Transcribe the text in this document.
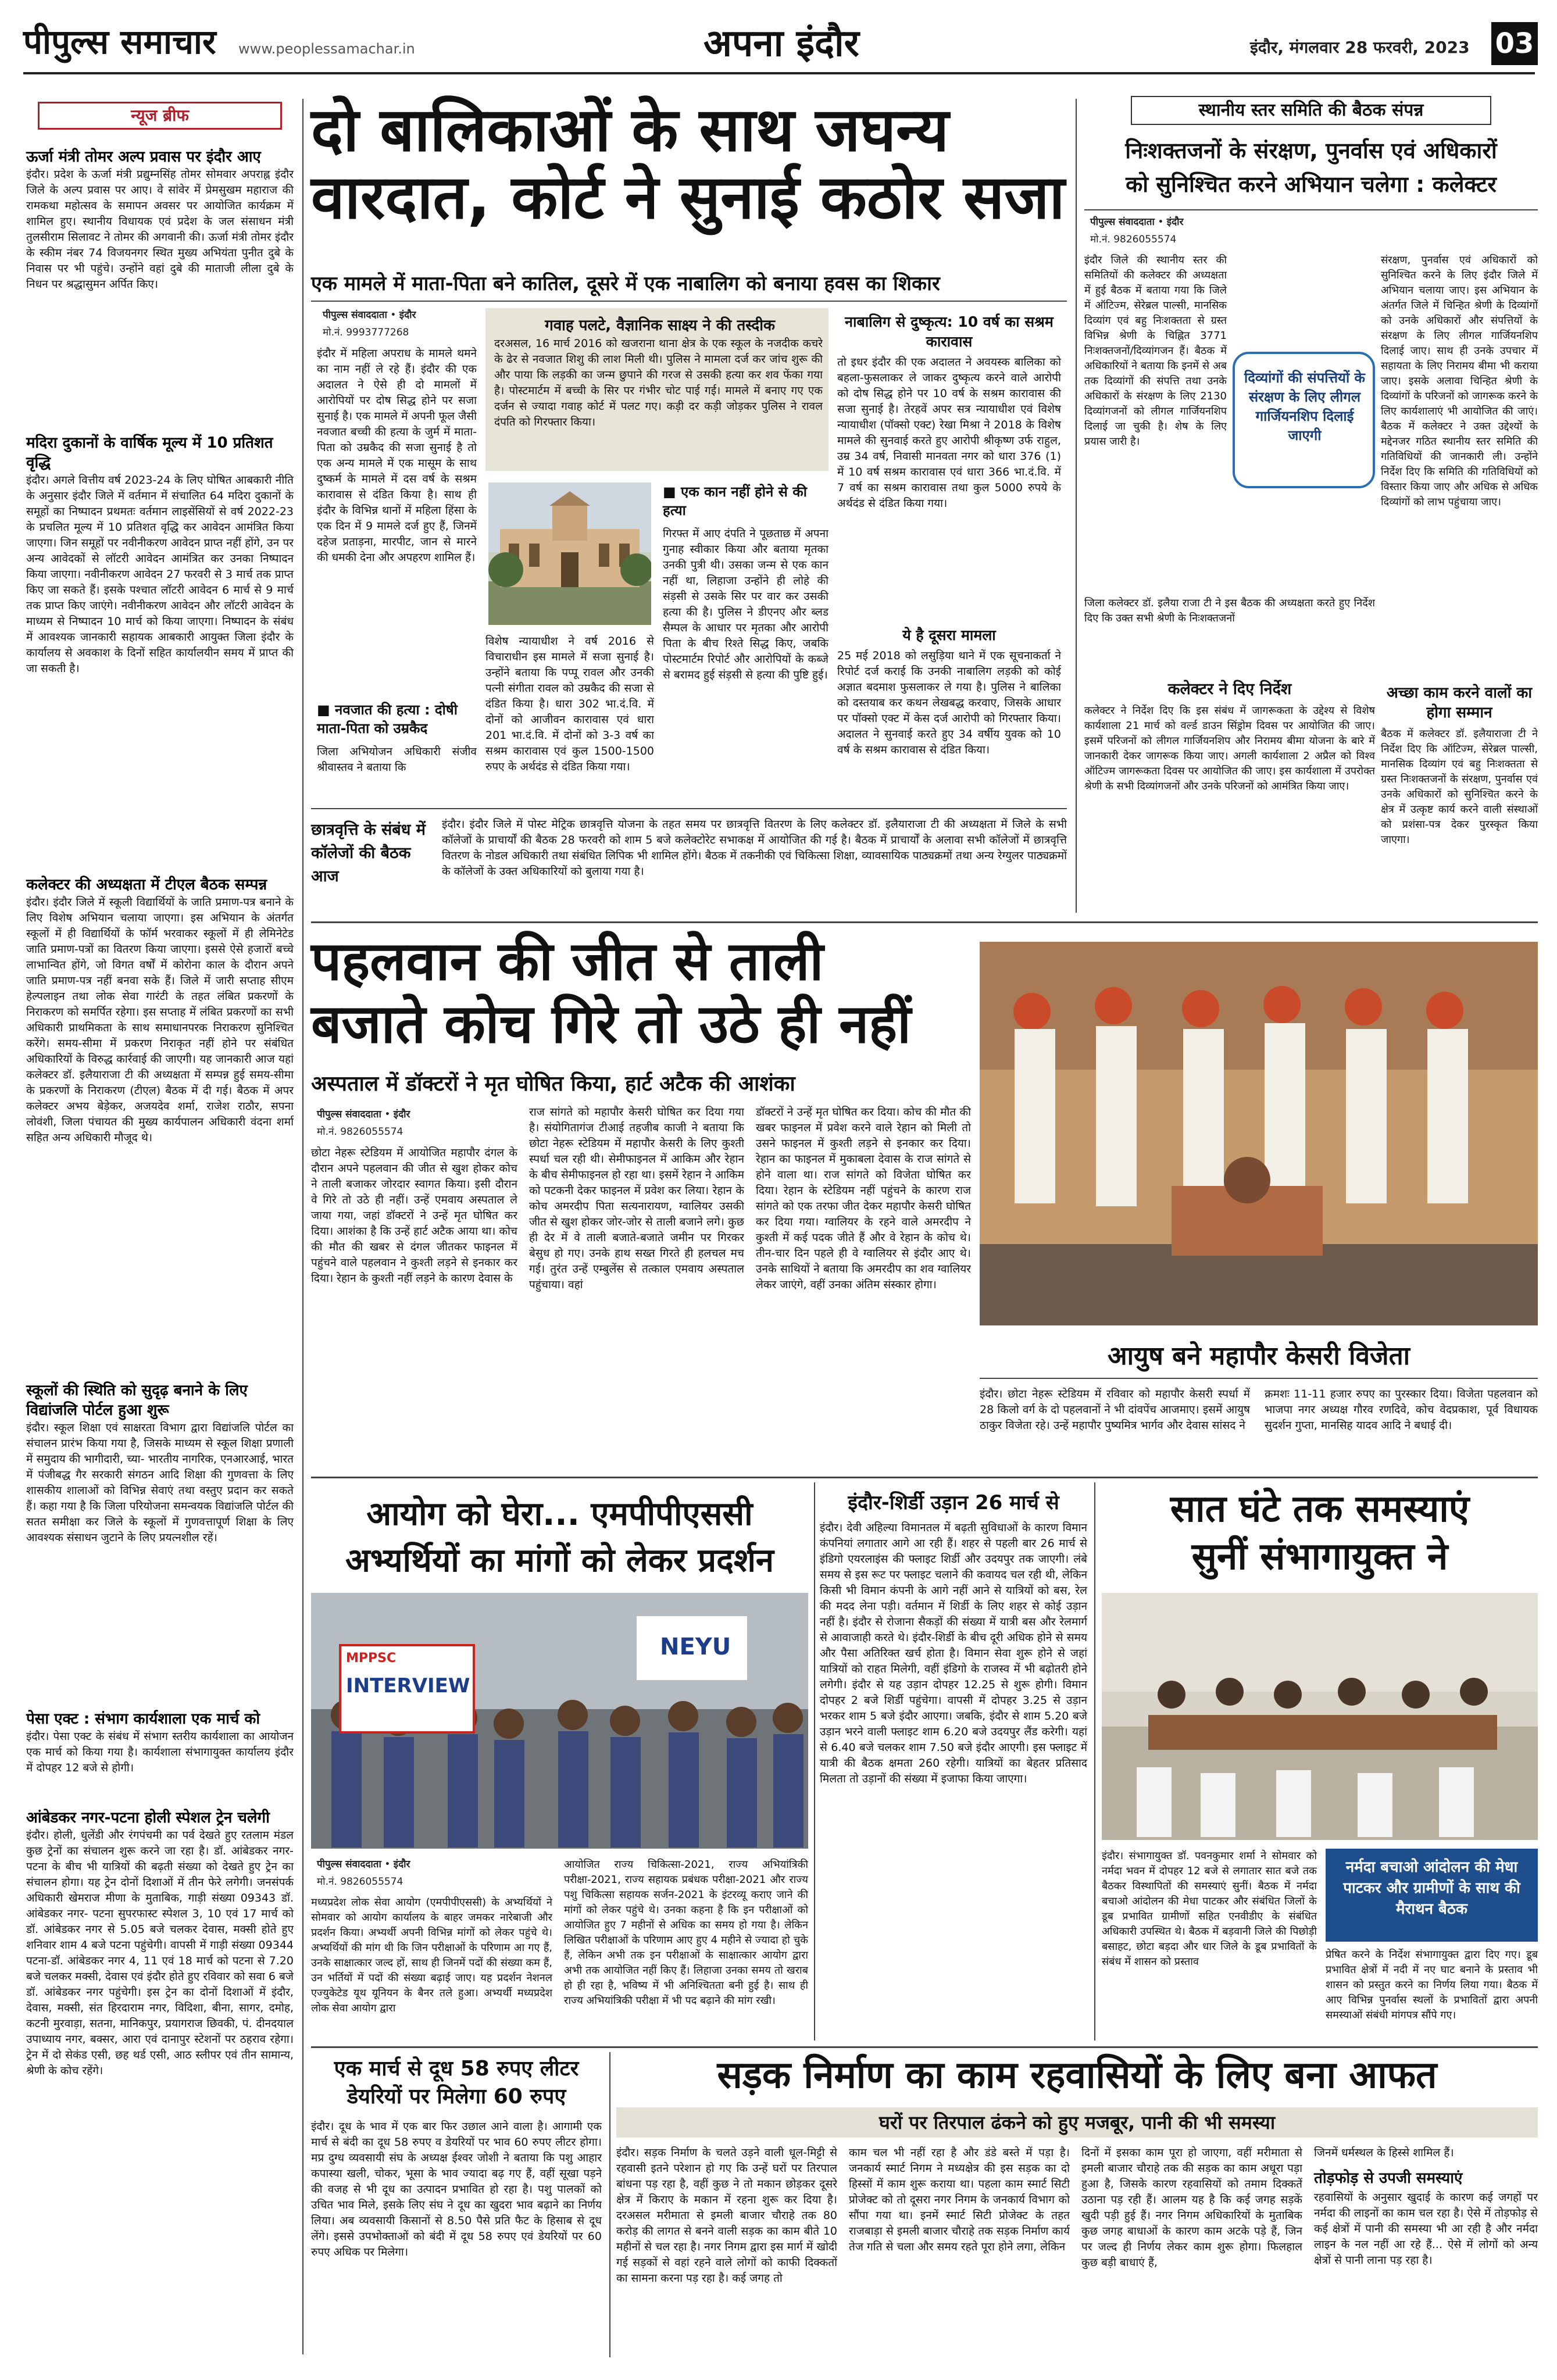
पीपुल्स समाचार www.peoplessamachar.in	अपना इंदौर	इंदौर, मंगलवार 28 फरवरी, 2023 03
न्यूज ब्रीफ
ऊर्जा मंत्री तोमर अल्प प्रवास पर इंदौर आए
इंदौर। प्रदेश के ऊर्जा मंत्री प्रद्युम्नसिंह तोमर सोमवार अपराह्न इंदौर जिले के अल्प प्रवास पर आए। वे सांवेर में प्रेमसुखम महाराज की रामकथा महोत्सव के समापन अवसर पर आयोजित कार्यक्रम में शामिल हुए। स्थानीय विधायक एवं प्रदेश के जल संसाधन मंत्री तुलसीराम सिलावट ने तोमर की अगवानी की। ऊर्जा मंत्री तोमर इंदौर के स्कीम नंबर 74 विजयनगर स्थित मुख्य अभियंता पुनीत दुबे के निवास पर भी पहुंचे। उन्होंने वहां दुबे की माताजी लीला दुबे के निधन पर श्रद्धासुमन अर्पित किए।
मदिरा दुकानों के वार्षिक मूल्य में 10 प्रतिशत वृद्धि
इंदौर। अगले वित्तीय वर्ष 2023-24 के लिए घोषित आबकारी नीति के अनुसार इंदौर जिले में वर्तमान में संचालित 64 मदिरा दुकानों के समूहों का निष्पादन प्रथमतः वर्तमान लाइसेंसियों से वर्ष 2022-23 के प्रचलित मूल्य में 10 प्रतिशत वृद्धि कर आवेदन आमंत्रित किया जाएगा। जिन समूहों पर नवीनीकरण आवेदन प्राप्त नहीं होंगे, उन पर अन्य आवेदकों से लॉटरी आवेदन आमंत्रित कर उनका निष्पादन किया जाएगा। नवीनीकरण आवेदन 27 फरवरी से 3 मार्च तक प्राप्त किए जा सकते हैं। इसके पश्चात लॉटरी आवेदन 6 मार्च से 9 मार्च तक प्राप्त किए जाएंगे। नवीनीकरण आवेदन और लॉटरी आवेदन के माध्यम से निष्पादन 10 मार्च को किया जाएगा। निष्पादन के संबंध में आवश्यक जानकारी सहायक आबकारी आयुक्त जिला इंदौर के कार्यालय से अवकाश के दिनों सहित कार्यालयीन समय में प्राप्त की जा सकती है।
कलेक्टर की अध्यक्षता में टीएल बैठक सम्पन्न
इंदौर। इंदौर जिले में स्कूली विद्यार्थियों के जाति प्रमाण-पत्र बनाने के लिए विशेष अभियान चलाया जाएगा। इस अभियान के अंतर्गत स्कूलों में ही विद्यार्थियों के फॉर्म भरवाकर स्कूलों में ही लेमिनेटेड जाति प्रमाण-पत्रों का वितरण किया जाएगा। इससे ऐसे हजारों बच्चे लाभान्वित होंगे, जो विगत वर्षों में कोरोना काल के दौरान अपने जाति प्रमाण-पत्र नहीं बनवा सके हैं। जिले में जारी सप्ताह सीएम हेल्पलाइन तथा लोक सेवा गारंटी के तहत लंबित प्रकरणों के निराकरण को समर्पित रहेगा। इस सप्ताह में लंबित प्रकरणों का सभी अधिकारी प्राथमिकता के साथ समाधानपरक निराकरण सुनिश्चित करेंगे। समय-सीमा में प्रकरण निराकृत नहीं होने पर संबंधित अधिकारियों के विरुद्ध कार्रवाई की जाएगी। यह जानकारी आज यहां कलेक्टर डॉ. इलैयाराजा टी की अध्यक्षता में सम्पन्न हुई समय-सीमा के प्रकरणों के निराकरण (टीएल) बैठक में दी गई। बैठक में अपर कलेक्टर अभय बेड़ेकर, अजयदेव शर्मा, राजेश राठौर, सपना लोवंशी, जिला पंचायत की मुख्य कार्यपालन अधिकारी वंदना शर्मा सहित अन्य अधिकारी मौजूद थे।
स्कूलों की स्थिति को सुदृढ़ बनाने के लिए विद्यांजलि पोर्टल हुआ शुरू
इंदौर। स्कूल शिक्षा एवं साक्षरता विभाग द्वारा विद्यांजलि पोर्टल का संचालन प्रारंभ किया गया है, जिसके माध्यम से स्कूल शिक्षा प्रणाली में समुदाय की भागीदारी, च्या- भारतीय नागरिक, एनआरआई, भारत में पंजीबद्ध गैर सरकारी संगठन आदि शिक्षा की गुणवत्ता के लिए शासकीय शालाओं को विभिन्न सेवाएं तथा वस्तुए प्रदान कर सकते हैं। कहा गया है कि जिला परियोजना समन्वयक विद्यांजलि पोर्टल की सतत समीक्षा कर जिले के स्कूलों में गुणवत्तापूर्ण शिक्षा के लिए आवश्यक संसाधन जुटाने के लिए प्रयत्नशील रहें।
पेसा एक्ट : संभाग कार्यशाला एक मार्च को
इंदौर। पेसा एक्ट के संबंध में संभाग स्तरीय कार्यशाला का आयोजन एक मार्च को किया गया है। कार्यशाला संभागायुक्त कार्यालय इंदौर में दोपहर 12 बजे से होगी।
आंबेडकर नगर-पटना होली स्पेशल ट्रेन चलेगी
इंदौर। होली, धुलेंडी और रंगपंचमी का पर्व देखते हुए रतलाम मंडल कुछ ट्रेनों का संचालन शुरू करने जा रहा है। डॉ. आंबेडकर नगर-पटना के बीच भी यात्रियों की बढ़ती संख्या को देखते हुए ट्रेन का संचालन होगा। यह ट्रेन दोनों दिशाओं में तीन फेरे लगेगी। जनसंपर्क अधिकारी खेमराज मीणा के मुताबिक, गाड़ी संख्या 09343 डॉ. आंबेडकर नगर- पटना सुपरफास्ट स्पेशल 3, 10 एवं 17 मार्च को डॉ. आंबेडकर नगर से 5.05 बजे चलकर देवास, मक्सी होते हुए शनिवार शाम 4 बजे पटना पहुंचेगी। वापसी में गाड़ी संख्या 09344 पटना-डॉ. आंबेडकर नगर 4, 11 एवं 18 मार्च को पटना से 7.20 बजे चलकर मक्सी, देवास एवं इंदौर होते हुए रविवार को सवा 6 बजे डॉ. आंबेडकर नगर पहुंचेगी। इस ट्रेन का दोनों दिशाओं में इंदौर, देवास, मक्सी, संत हिरदाराम नगर, विदिशा, बीना, सागर, दमोह, कटनी मुरवाड़ा, सतना, मानिकपुर, प्रयागराज छिवकी, पं. दीनदयाल उपाध्याय नगर, बक्सर, आरा एवं दानापुर स्टेशनों पर ठहराव रहेगा। ट्रेन में दो सेकंड एसी, छह थर्ड एसी, आठ स्लीपर एवं तीन सामान्य, श्रेणी के कोच रहेंगे।
दो बालिकाओं के साथ जघन्य
वारदात, कोर्ट ने सुनाई कठोर सजा
एक मामले में माता-पिता बने कातिल, दूसरे में एक नाबालिग को बनाया हवस का शिकार
पीपुल्स संवाददाता • इंदौर
मो.नं. 9993777268
इंदौर में महिला अपराध के मामले थमने का नाम नहीं ले रहे हैं। इंदौर की एक अदालत ने ऐसे ही दो मामलों में आरोपियों पर दोष सिद्ध होने पर सजा सुनाई है। एक मामले में अपनी फूल जैसी नवजात बच्ची की हत्या के जुर्म में माता-पिता को उम्रकैद की सजा सुनाई है तो एक अन्य मामले में एक मासूम के साथ दुष्कर्म के मामले में दस वर्ष के सश्रम कारावास से दंडित किया है। साथ ही इंदौर के विभिन्न थानों में महिला हिंसा के एक दिन में 9 मामले दर्ज हुए हैं, जिनमें दहेज प्रताड़ना, मारपीट, जान से मारने की धमकी देना और अपहरण शामिल हैं।
■ नवजात की हत्या : दोषी माता-पिता को उम्रकैद
जिला अभियोजन अधिकारी संजीव श्रीवास्तव ने बताया कि
गवाह पलटे, वैज्ञानिक साक्ष्य ने की तस्दीक
दरअसल, 16 मार्च 2016 को खजराना थाना क्षेत्र के एक स्कूल के नजदीक कचरे के ढेर से नवजात शिशु की लाश मिली थी। पुलिस ने मामला दर्ज कर जांच शुरू की और पाया कि लड़की का जन्म छुपाने की गरज से उसकी हत्या कर शव फेंका गया है। पोस्टमार्टम में बच्ची के सिर पर गंभीर चोट पाई गई। मामले में बनाए गए एक दर्जन से ज्यादा गवाह कोर्ट में पलट गए। कड़ी दर कड़ी जोड़कर पुलिस ने रावल दंपति को गिरफ्तार किया।
विशेष न्यायाधीश ने वर्ष 2016 से विचाराधीन इस मामले में सजा सुनाई है। उन्होंने बताया कि पप्पू रावल और उनकी पत्नी संगीता रावल को उम्रकैद की सजा से दंडित किया है। धारा 302 भा.दं.वि. में दोनों को आजीवन कारावास एवं धारा 201 भा.दं.वि. में दोनों को 3-3 वर्ष का सश्रम कारावास एवं कुल 1500-1500 रुपए के अर्थदंड से दंडित किया गया।
■ एक कान नहीं होने से की हत्या
गिरफ्त में आए दंपति ने पूछताछ में अपना गुनाह स्वीकार किया और बताया मृतका उनकी पुत्री थी। उसका जन्म से एक कान नहीं था, लिहाजा उन्होंने ही लोहे की संड़सी से उसके सिर पर वार कर उसकी हत्या की है। पुलिस ने डीएनए और ब्लड सैम्पल के आधार पर मृतका और आरोपी पिता के बीच रिश्ते सिद्ध किए, जबकि पोस्टमार्टम रिपोर्ट और आरोपियों के कब्जे से बरामद हुई संड़सी से हत्या की पुष्टि हुई।
नाबालिग से दुष्कृत्य: 10 वर्ष का सश्रम कारावास
तो इधर इंदौर की एक अदालत ने अवयस्क बालिका को बहला-फुसलाकर ले जाकर दुष्कृत्य करने वाले आरोपी को दोष सिद्ध होने पर 10 वर्ष के सश्रम कारावास की सजा सुनाई है। तेरहवें अपर सत्र न्यायाधीश एवं विशेष न्यायाधीश (पॉक्सो एक्ट) रेखा मिश्रा ने 2018 के विशेष मामले की सुनवाई करते हुए आरोपी श्रीकृष्ण उर्फ राहुल, उम्र 34 वर्ष, निवासी मानवता नगर को धारा 376 (1) में 10 वर्ष सश्रम कारावास एवं धारा 366 भा.दं.वि. में 7 वर्ष का सश्रम कारावास तथा कुल 5000 रुपये के अर्थदंड से दंडित किया गया।
ये है दूसरा मामला
25 मई 2018 को लसुड़िया थाने में एक सूचनाकर्ता ने रिपोर्ट दर्ज कराई कि उनकी नाबालिग लड़की को कोई अज्ञात बदमाश फुसलाकर ले गया है। पुलिस ने बालिका को दस्तयाब कर कथन लेखबद्ध करवाए, जिसके आधार पर पॉक्सो एक्ट में केस दर्ज आरोपी को गिरफ्तार किया। अदालत ने सुनवाई करते हुए 34 वर्षीय युवक को 10 वर्ष के सश्रम कारावास से दंडित किया।
छात्रवृत्ति के संबंध में कॉलेजों की बैठक आज
इंदौर। इंदौर जिले में पोस्ट मेट्रिक छात्रवृत्ति योजना के तहत समय पर छात्रवृत्ति वितरण के लिए कलेक्टर डॉ. इलैयाराजा टी की अध्यक्षता में जिले के सभी कॉलेजों के प्राचार्यों की बैठक 28 फरवरी को शाम 5 बजे कलेक्टोरेट सभाकक्ष में आयोजित की गई है। बैठक में प्राचार्यों के अलावा सभी कॉलेजों में छात्रवृत्ति वितरण के नोडल अधिकारी तथा संबंधित लिपिक भी शामिल होंगे। बैठक में तकनीकी एवं चिकित्सा शिक्षा, व्यावसायिक पाठ्यक्रमों तथा अन्य रेग्युलर पाठ्यक्रमों के कॉलेजों के उक्त अधिकारियों को बुलाया गया है।
स्थानीय स्तर समिति की बैठक संपन्न
निःशक्तजनों के संरक्षण, पुनर्वास एवं अधिकारों
को सुनिश्चित करने अभियान चलेगा : कलेक्टर
पीपुल्स संवाददाता • इंदौर
मो.नं. 9826055574
इंदौर जिले की स्थानीय स्तर की समितियों की कलेक्टर की अध्यक्षता में हुई बैठक में बताया गया कि जिले में ऑटिज्म, सेरेब्रल पाल्सी, मानसिक दिव्यांग एवं बहु निःशक्तता से ग्रस्त विभिन्न श्रेणी के चिह्नित 3771 निःशक्तजनों/दिव्यांगजन हैं। बैठक में अधिकारियों ने बताया कि इनमें से अब तक दिव्यांगों की संपत्ति तथा उनके अधिकारों के संरक्षण के लिए 2130 दिव्यांगजनों को लीगल गार्जियनशिप दिलाई जा चुकी है। शेष के लिए प्रयास जारी है।
जिला कलेक्टर डॉ. इलैया राजा टी ने इस बैठक की अध्यक्षता करते हुए निर्देश दिए कि उक्त सभी श्रेणी के निःशक्तजनों
दिव्यांगों की संपत्तियों के संरक्षण के लिए लीगल गार्जियनशिप दिलाई जाएगी
संरक्षण, पुनर्वास एवं अधिकारों को सुनिश्चित करने के लिए इंदौर जिले में अभियान चलाया जाए। इस अभियान के अंतर्गत जिले में चिन्हित श्रेणी के दिव्यांगों को उनके अधिकारों और संपत्तियों के संरक्षण के लिए लीगल गार्जियनशिप दिलाई जाए। साथ ही उनके उपचार में सहायता के लिए निरामय बीमा भी कराया जाए। इसके अलावा चिन्हित श्रेणी के दिव्यांगों के परिजनों को जागरूक करने के लिए कार्यशालाएं भी आयोजित की जाएं। बैठक में कलेक्टर ने उक्त उद्देश्यों के मद्देनजर गठित स्थानीय स्तर समिति की गतिविधियों की जानकारी ली। उन्होंने निर्देश दिए कि समिति की गतिविधियों को विस्तार किया जाए और अधिक से अधिक दिव्यांगों को लाभ पहुंचाया जाए।
कलेक्टर ने दिए निर्देश
कलेक्टर ने निर्देश दिए कि इस संबंध में जागरूकता के उद्देश्य से विशेष कार्यशाला 21 मार्च को वर्ल्ड डाउन सिंड्रोम दिवस पर आयोजित की जाए। इसमें परिजनों को लीगल गार्जियनशिप और निरामय बीमा योजना के बारे में जानकारी देकर जागरूक किया जाए। अगली कार्यशाला 2 अप्रैल को विश्व ऑटिज्म जागरूकता दिवस पर आयोजित की जाए। इस कार्यशाला में उपरोक्त श्रेणी के सभी दिव्यांगजनों और उनके परिजनों को आमंत्रित किया जाए।
अच्छा काम करने वालों का होगा सम्मान
बैठक में कलेक्टर डॉ. इलैयाराजा टी ने निर्देश दिए कि ऑटिज्म, सेरेब्रल पाल्सी, मानसिक दिव्यांग एवं बहु निःशक्तता से ग्रस्त निःशक्तजनों के संरक्षण, पुनर्वास एवं उनके अधिकारों को सुनिश्चित करने के क्षेत्र में उत्कृष्ट कार्य करने वाली संस्थाओं को प्रशंसा-पत्र देकर पुरस्कृत किया जाएगा।
पहलवान की जीत से ताली
बजाते कोच गिरे तो उठे ही नहीं
अस्पताल में डॉक्टरों ने मृत घोषित किया, हार्ट अटैक की आशंका
पीपुल्स संवाददाता • इंदौर
मो.नं. 9826055574
छोटा नेहरू स्टेडियम में आयोजित महापौर दंगल के दौरान अपने पहलवान की जीत से खुश होकर कोच ने ताली बजाकर जोरदार स्वागत किया। इसी दौरान वे गिरे तो उठे ही नहीं। उन्हें एमवाय अस्पताल ले जाया गया, जहां डॉक्टरों ने उन्हें मृत घोषित कर दिया। आशंका है कि उन्हें हार्ट अटैक आया था। कोच की मौत की खबर से दंगल जीतकर फाइनल में पहुंचने वाले पहलवान ने कुश्ती लड़ने से इनकार कर दिया। रेहान के कुश्ती नहीं लड़ने के कारण देवास के
राज सांगते को महापौर केसरी घोषित कर दिया गया है। संयोगितागंज टीआई तहजीब काजी ने बताया कि छोटा नेहरू स्टेडियम में महापौर केसरी के लिए कुश्ती स्पर्धा चल रही थी। सेमीफाइनल में आकिम और रेहान के बीच सेमीफाइनल हो रहा था। इसमें रेहान ने आकिम को पटकनी देकर फाइनल में प्रवेश कर लिया। रेहान के कोच अमरदीप पिता सत्यनारायण, ग्वालियर उसकी जीत से खुश होकर जोर-जोर से ताली बजाने लगे। कुछ ही देर में वे ताली बजाते-बजाते जमीन पर गिरकर बेसुध हो गए। उनके हाथ सख्त गिरते ही हलचल मच गई। तुरंत उन्हें एम्बुलेंस से तत्काल एमवाय अस्पताल पहुंचाया। वहां
डॉक्टरों ने उन्हें मृत घोषित कर दिया। कोच की मौत की खबर फाइनल में प्रवेश करने वाले रेहान को मिली तो उसने फाइनल में कुश्ती लड़ने से इनकार कर दिया। रेहान का फाइनल में मुकाबला देवास के राज सांगते से होने वाला था। राज सांगते को विजेता घोषित कर दिया। रेहान के स्टेडियम नहीं पहुंचने के कारण राज सांगते को एक तरफा जीत देकर महापौर केसरी घोषित कर दिया गया। ग्वालियर के रहने वाले अमरदीप ने कुश्ती में कई पदक जीते हैं और वे रेहान के कोच थे। तीन-चार दिन पहले ही वे ग्वालियर से इंदौर आए थे। उनके साथियों ने बताया कि अमरदीप का शव ग्वालियर लेकर जाएंगे, वहीं उनका अंतिम संस्कार होगा।
आयुष बने महापौर केसरी विजेता
इंदौर। छोटा नेहरू स्टेडियम में रविवार को महापौर केसरी स्पर्धा में 28 किलो वर्ग के दो पहलवानों ने भी दांवपेंच आजमाए। इसमें आयुष ठाकुर विजेता रहे। उन्हें महापौर पुष्यमित्र भार्गव और देवास सांसद ने
क्रमशः 11-11 हजार रुपए का पुरस्कार दिया। विजेता पहलवान को भाजपा नगर अध्यक्ष गौरव रणदिवे, कोच वेदप्रकाश, पूर्व विधायक सुदर्शन गुप्ता, मानसिह यादव आदि ने बधाई दी।
आयोग को घेरा... एमपीपीएससी
अभ्यर्थियों का मांगों को लेकर प्रदर्शन
MPPSC
INTERVIEW
NEYU
पीपुल्स संवाददाता • इंदौर
मो.नं. 9826055574
मध्यप्रदेश लोक सेवा आयोग (एमपीपीएससी) के अभ्यर्थियों ने सोमवार को आयोग कार्यालय के बाहर जमकर नारेबाजी और प्रदर्शन किया। अभ्यर्थी अपनी विभिन्न मांगों को लेकर पहुंचे थे। अभ्यर्थियों की मांग थी कि जिन परीक्षाओं के परिणाम आ गए हैं, उनके साक्षात्कार जल्द हों, साथ ही जिनमें पदों की संख्या कम हैं, उन भर्तियों में पदों की संख्या बढ़ाई जाए। यह प्रदर्शन नेशनल एज्युकेटेड यूथ यूनियन के बैनर तले हुआ। अभ्यर्थी मध्यप्रदेश लोक सेवा आयोग द्वारा
आयोजित राज्य चिकित्सा-2021, राज्य अभियांत्रिकी परीक्षा-2021, राज्य सहायक प्रबंधक परीक्षा-2021 और राज्य पशु चिकित्सा सहायक सर्जन-2021 के इंटरव्यू कराए जाने की मांगों को लेकर पहुंचे थे। उनका कहना है कि इन परीक्षाओं को आयोजित हुए 7 महीनों से अधिक का समय हो गया है। लेकिन लिखित परीक्षाओं के परिणाम आए हुए 4 महीने से ज्यादा हो चुके हैं, लेकिन अभी तक इन परीक्षाओं के साक्षात्कार आयोग द्वारा अभी तक आयोजित नहीं किए हैं। लिहाजा उनका समय तो खराब हो ही रहा है, भविष्य में भी अनिश्चितता बनी हुई है। साथ ही राज्य अभियांत्रिकी परीक्षा में भी पद बढ़ाने की मांग रखी।
इंदौर-शिर्डी उड़ान 26 मार्च से
इंदौर। देवी अहिल्या विमानतल में बढ़ती सुविधाओं के कारण विमान कंपनियां लगातार आगे आ रही हैं। शहर से पहली बार 26 मार्च से इंडिगो एयरलाइंस की फ्लाइट शिर्डी और उदयपुर तक जाएगी। लंबे समय से इस रूट पर फ्लाइट चलाने की कवायद चल रही थी, लेकिन किसी भी विमान कंपनी के आगे नहीं आने से यात्रियों को बस, रेल की मदद लेना पड़ी। वर्तमान में शिर्डी के लिए शहर से कोई उड़ान नहीं है। इंदौर से रोजाना सैकड़ों की संख्या में यात्री बस और रेलमार्ग से आवाजाही करते थे। इंदौर-शिर्डी के बीच दूरी अधिक होने से समय और पैसा अतिरिक्त खर्च होता है। विमान सेवा शुरू होने से जहां यात्रियों को राहत मिलेगी, वहीं इंडिगो के राजस्व में भी बढ़ोतरी होने लगेगी। इंदौर से यह उड़ान दोपहर 12.25 से शुरू होगी। विमान दोपहर 2 बजे शिर्डी पहुंचेगा। वापसी में दोपहर 3.25 से उड़ान भरकर शाम 5 बजे इंदौर आएगा। जबकि, इंदौर से शाम 5.20 बजे उड़ान भरने वाली फ्लाइट शाम 6.20 बजे उदयपुर लैंड करेगी। यहां से 6.40 बजे चलकर शाम 7.50 बजे इंदौर आएगी। इस फ्लाइट में यात्री की बैठक क्षमता 260 रहेगी। यात्रियों का बेहतर प्रतिसाद मिलता तो उड़ानों की संख्या में इजाफा किया जाएगा।
सात घंटे तक समस्याएं
सुनीं संभागायुक्त ने
इंदौर। संभागायुक्त डॉ. पवनकुमार शर्मा ने सोमवार को नर्मदा भवन में दोपहर 12 बजे से लगातार सात बजे तक बैठकर विस्थापितों की समस्याएं सुनीं। बैठक में नर्मदा बचाओ आंदोलन की मेधा पाटकर और संबंधित जिलों के डूब प्रभावित ग्रामीणों सहित एनवीडीए के संबंधित अधिकारी उपस्थित थे। बैठक में बड़वानी जिले की पिछोड़ी बसाहट, छोटा बड़दा और धार जिले के डूब प्रभावितों के संबंध में शासन को प्रस्ताव
नर्मदा बचाओ आंदोलन की मेधा पाटकर और ग्रामीणों के साथ की मैराथन बैठक
प्रेषित करने के निर्देश संभागायुक्त द्वारा दिए गए। डूब प्रभावित क्षेत्रों में नदी में नए घाट बनाने के प्रस्ताव भी शासन को प्रस्तुत करने का निर्णय लिया गया। बैठक में आए विभिन्न पुनर्वास स्थलों के प्रभावितों द्वारा अपनी समस्याओं संबंधी मांगपत्र सौंपे गए।
एक मार्च से दूध 58 रुपए लीटर
डेयरियों पर मिलेगा 60 रुपए
इंदौर। दूध के भाव में एक बार फिर उछाल आने वाला है। आगामी एक मार्च से बंदी का दूध 58 रुपए व डेयरियों पर भाव 60 रुपए लीटर होगा। मप्र दुग्ध व्यवसायी संघ के अध्यक्ष ईश्वर जोशी ने बताया कि पशु आहार कपास्या खली, चोकर, भूसा के भाव ज्यादा बढ़ गए हैं, वहीं सूखा पड़ने की वजह से भी दूध का उत्पादन प्रभावित हो रहा है। पशु पालकों को उचित भाव मिले, इसके लिए संघ ने दूध का खुदरा भाव बढ़ाने का निर्णय लिया। अब व्यवसायी किसानों से 8.50 पैसे प्रति फैट के हिसाब से दूध लेंगे। इससे उपभोक्ताओं को बंदी में दूध 58 रुपए एवं डेयरियों पर 60 रुपए अधिक पर मिलेगा।
सड़क निर्माण का काम रहवासियों के लिए बना आफत
घरों पर तिरपाल ढंकने को हुए मजबूर, पानी की भी समस्या
इंदौर। सड़क निर्माण के चलते उड़ने वाली धूल-मिट्टी से रहवासी इतने परेशान हो गए कि उन्हें घरों पर तिरपाल बांधना पड़ रहा है, वहीं कुछ ने तो मकान छोड़कर दूसरे क्षेत्र में किराए के मकान में रहना शुरू कर दिया है। दरअसल मरीमाता से इमली बाजार चौराहे तक 80 करोड़ की लागत से बनने वाली सड़क का काम बीते 10 महीनों से चल रहा है। नगर निगम द्वारा इस मार्ग में खोदी गई सड़कों से वहां रहने वाले लोगों को काफी दिक्कतों का सामना करना पड़ रहा है। कई जगह तो
काम चल भी नहीं रहा है और डंडे बस्ते में पड़ा है। जनकार्य स्मार्ट निगम ने मध्यक्षेत्र की इस सड़क का दो हिस्सों में काम शुरू कराया था। पहला काम स्मार्ट सिटी प्रोजेक्ट को तो दूसरा नगर निगम के जनकार्य विभाग को सौंपा गया था। इनमें स्मार्ट सिटी प्रोजेक्ट के तहत राजबाड़ा से इमली बाजार चौराहे तक सड़क निर्माण कार्य तेज गति से चला और समय रहते पूरा होने लगा, लेकिन
दिनों में इसका काम पूरा हो जाएगा, वहीं मरीमाता से इमली बाजार चौराहे तक की सड़क का काम अधूरा पड़ा हुआ है, जिसके कारण रहवासियों को तमाम दिक्कतें उठाना पड़ रही हैं। आलम यह है कि कई जगह सड़कें खुदी पड़ी हुई हैं। नगर निगम अधिकारियों के मुताबिक कुछ जगह बाधाओं के कारण काम अटके पड़े हैं, जिन पर जल्द ही निर्णय लेकर काम शुरू होगा। फिलहाल कुछ बड़ी बाधाएं हैं,
जिनमें धर्मस्थल के हिस्से शामिल हैं।
तोड़फोड़ से उपजी समस्याएं
रहवासियों के अनुसार खुदाई के कारण कई जगहों पर नर्मदा की लाइनों का काम चल रहा है। ऐसे में तोड़फोड़ से कई क्षेत्रों में पानी की समस्या भी आ रही है और नर्मदा लाइन के नल नहीं आ रहे हैं... ऐसे में लोगों को अन्य क्षेत्रों से पानी लाना पड़ रहा है।
